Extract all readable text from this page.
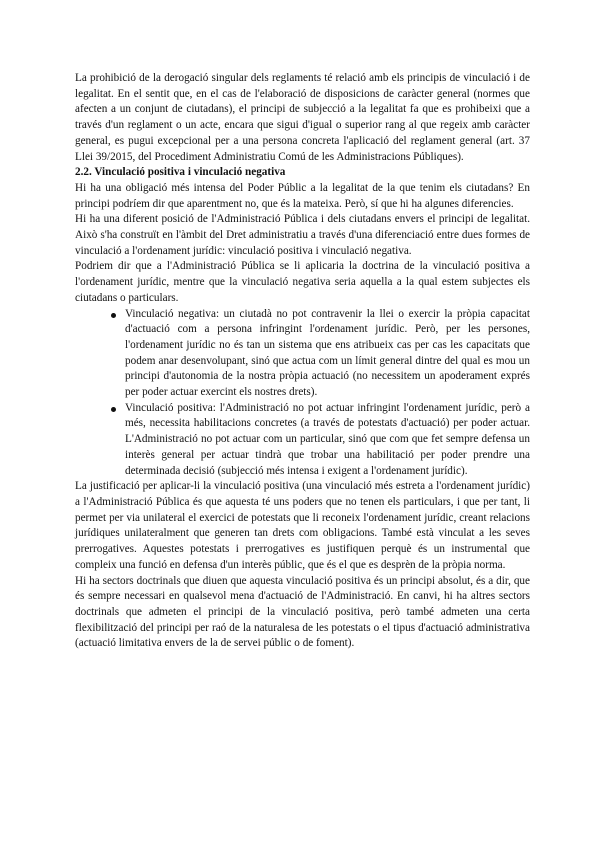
La prohibició de la derogació singular dels reglaments té relació amb els principis de vinculació i de legalitat. En el sentit que, en el cas de l'elaboració de disposicions de caràcter general (normes que afecten a un conjunt de ciutadans), el principi de subjecció a la legalitat fa que es prohibeixi que a través d'un reglament o un acte, encara que sigui d'igual o superior rang al que regeix amb caràcter general, es pugui excepcional per a una persona concreta l'aplicació del reglament general (art. 37 Llei 39/2015, del Procediment Administratiu Comú de les Administracions Públiques).

2.2. Vinculació positiva i vinculació negativa

Hi ha una obligació més intensa del Poder Públic a la legalitat de la que tenim els ciutadans? En principi podríem dir que aparentment no, que és la mateixa. Però, sí que hi ha algunes diferencies.

Hi ha una diferent posició de l'Administració Pública i dels ciutadans envers el principi de legalitat. Això s'ha construït en l'àmbit del Dret administratiu a través d'una diferenciació entre dues formes de vinculació a l'ordenament jurídic: vinculació positiva i vinculació negativa.

Podriem dir que a l'Administració Pública se li aplicaria la doctrina de la vinculació positiva a l'ordenament jurídic, mentre que la vinculació negativa seria aquella a la qual estem subjectes els ciutadans o particulars.

Vinculació negativa: un ciutadà no pot contravenir la llei o exercir la pròpia capacitat d'actuació com a persona infringint l'ordenament jurídic. Però, per les persones, l'ordenament jurídic no és tan un sistema que ens atribueix cas per cas les capacitats que podem anar desenvolupant, sinó que actua com un límit general dintre del qual es mou un principi d'autonomia de la nostra pròpia actuació (no necessitem un apoderament exprés per poder actuar exercint els nostres drets).
Vinculació positiva: l'Administració no pot actuar infringint l'ordenament jurídic, però a més, necessita habilitacions concretes (a través de potestats d'actuació) per poder actuar. L'Administració no pot actuar com un particular, sinó que com que fet sempre defensa un interès general per actuar tindrà que trobar una habilitació per poder prendre una determinada decisió (subjecció més intensa i exigent a l'ordenament jurídic).

La justificació per aplicar-li la vinculació positiva (una vinculació més estreta a l'ordenament jurídic) a l'Administració Pública és que aquesta té uns poders que no tenen els particulars, i que per tant, li permet per via unilateral el exercici de potestats que li reconeix l'ordenament jurídic, creant relacions jurídiques unilateralment que generen tan drets com obligacions. També està vinculat a les seves prerrogatives. Aquestes potestats i prerrogatives es justifiquen perquè és un instrumental que compleix una funció en defensa d'un interès públic, que és el que es desprèn de la pròpia norma.

Hi ha sectors doctrinals que diuen que aquesta vinculació positiva és un principi absolut, és a dir, que és sempre necessari en qualsevol mena d'actuació de l'Administració. En canvi, hi ha altres sectors doctrinals que admeten el principi de la vinculació positiva, però també admeten una certa flexibilització del principi per raó de la naturalesa de les potestats o el tipus d'actuació administrativa (actuació limitativa envers de la de servei públic o de foment).
